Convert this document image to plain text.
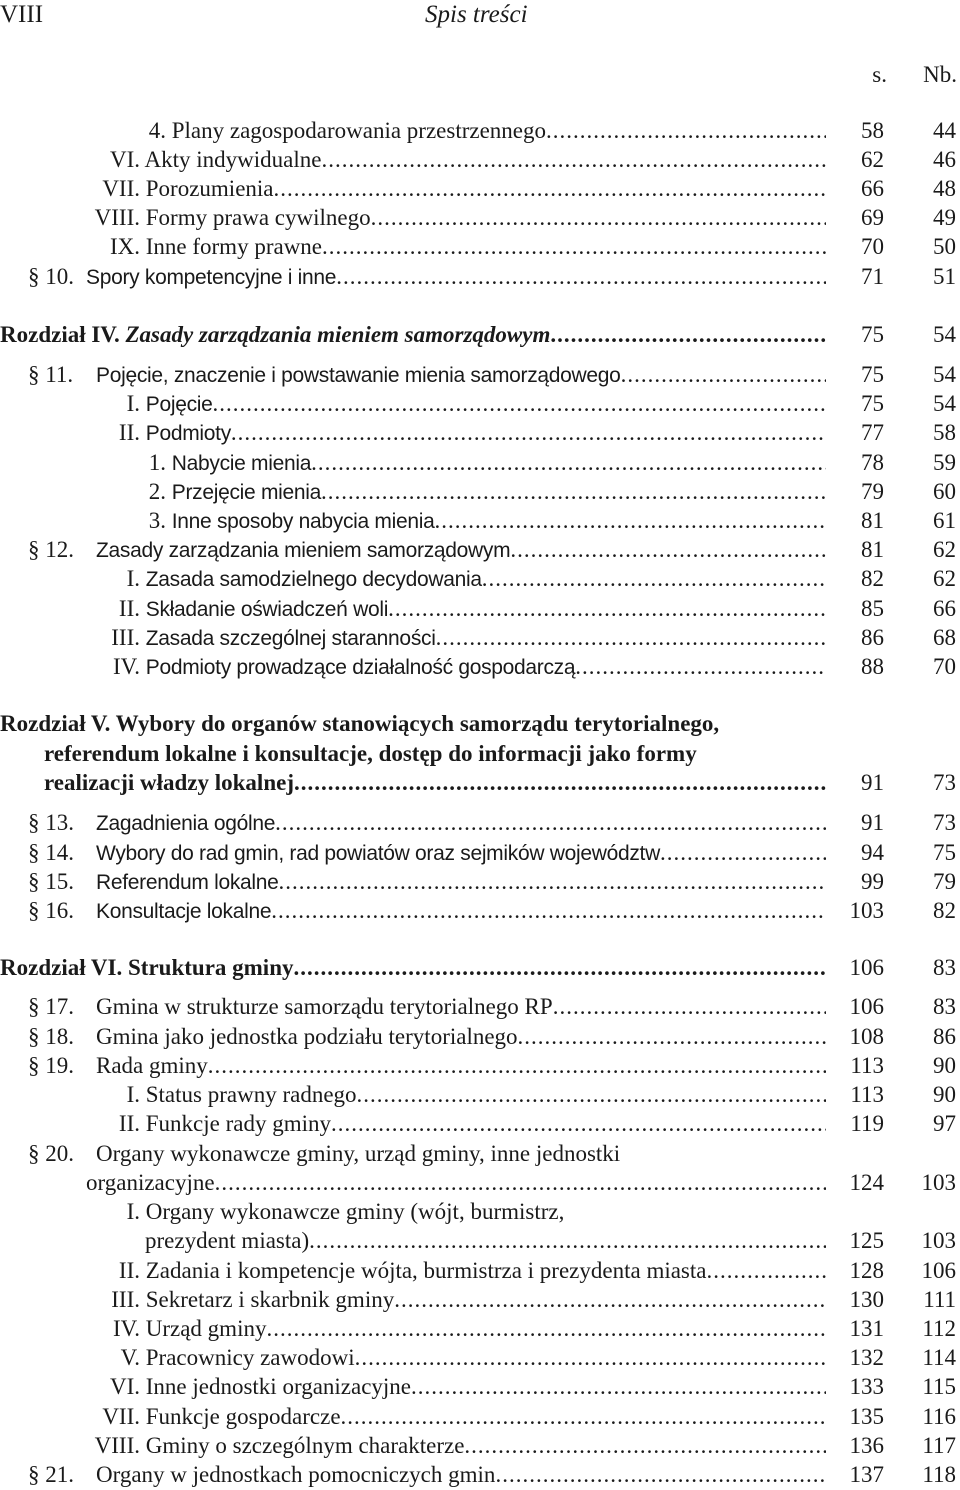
VIII	Spis treści
s. Nb.
4. Plany zagospodarowania przestrzennego .....	58	44
VI. Akty indywidualne .....	62	46
VII. Porozumienia .....	66	48
VIII. Formy prawa cywilnego .....	69	49
IX. Inne formy prawne .....	70	50
§ 10. Spory kompetencyjne i inne .....	71	51
Rozdział IV. Zasady zarządzania mieniem samorządowym .....	75	54
§ 11. Pojęcie, znaczenie i powstawanie mienia samorządowego .....	75	54
I. Pojęcie .....	75	54
II. Podmioty .....	77	58
1. Nabycie mienia .....	78	59
2. Przejęcie mienia .....	79	60
3. Inne sposoby nabycia mienia .....	81	61
§ 12. Zasady zarządzania mieniem samorządowym .....	81	62
I. Zasada samodzielnego decydowania .....	82	62
II. Składanie oświadczeń woli .....	85	66
III. Zasada szczególnej staranności .....	86	68
IV. Podmioty prowadzące działalność gospodarczą .....	88	70
Rozdział V. Wybory do organów stanowiących samorządu terytorialnego,
referendum lokalne i konsultacje, dostęp do informacji jako formy
realizacji władzy lokalnej .....	91	73
§ 13. Zagadnienia ogólne .....	91	73
§ 14. Wybory do rad gmin, rad powiatów oraz sejmików województw .....	94	75
§ 15. Referendum lokalne .....	99	79
§ 16. Konsultacje lokalne .....	103	82
Rozdział VI. Struktura gminy .....	106	83
§ 17. Gmina w strukturze samorządu terytorialnego RP .....	106	83
§ 18. Gmina jako jednostka podziału terytorialnego .....	108	86
§ 19. Rada gminy .....	113	90
I. Status prawny radnego .....	113	90
II. Funkcje rady gminy .....	119	97
§ 20. Organy wykonawcze gminy, urząd gminy, inne jednostki
organizacyjne .....	124	103
I. Organy wykonawcze gminy (wójt, burmistrz,
prezydent miasta) .....	125	103
II. Zadania i kompetencje wójta, burmistrza i prezydenta miasta .....	128	106
III. Sekretarz i skarbnik gminy .....	130	111
IV. Urząd gminy .....	131	112
V. Pracownicy zawodowi .....	132	114
VI. Inne jednostki organizacyjne .....	133	115
VII. Funkcje gospodarcze .....	135	116
VIII. Gminy o szczególnym charakterze .....	136	117
§ 21. Organy w jednostkach pomocniczych gmin .....	137	118
